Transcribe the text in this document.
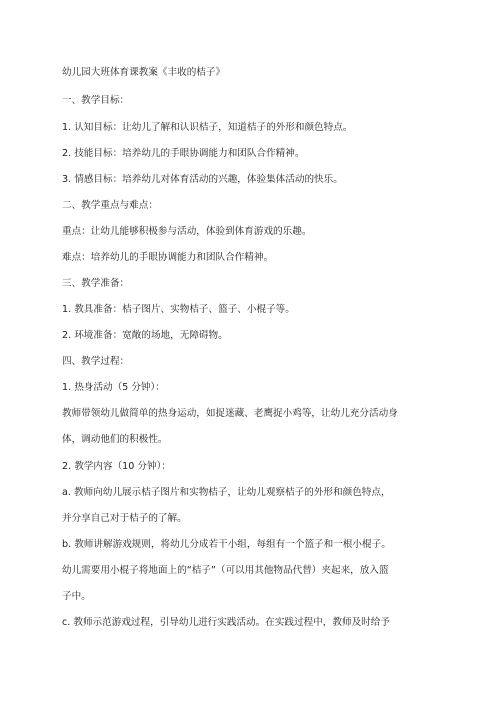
幼儿园大班体育课教案《丰收的桔子》
一、教学目标：
1. 认知目标：让幼儿了解和认识桔子，知道桔子的外形和颜色特点。
2. 技能目标：培养幼儿的手眼协调能力和团队合作精神。
3. 情感目标：培养幼儿对体育活动的兴趣，体验集体活动的快乐。
二、教学重点与难点：
重点：让幼儿能够积极参与活动，体验到体育游戏的乐趣。
难点：培养幼儿的手眼协调能力和团队合作精神。
三、教学准备：
1. 教具准备：桔子图片、实物桔子、篮子、小棍子等。
2. 环境准备：宽敞的场地，无障碍物。
四、教学过程：
1. 热身活动（5 分钟）：
教师带领幼儿做简单的热身运动，如捉迷藏、老鹰捉小鸡等，让幼儿充分活动身
体，调动他们的积极性。
2. 教学内容（10 分钟）：
a. 教师向幼儿展示桔子图片和实物桔子，让幼儿观察桔子的外形和颜色特点，
并分享自己对于桔子的了解。
b. 教师讲解游戏规则，将幼儿分成若干小组，每组有一个篮子和一根小棍子。
幼儿需要用小棍子将地面上的“桔子”（可以用其他物品代替）夹起来，放入篮
子中。
c. 教师示范游戏过程，引导幼儿进行实践活动。在实践过程中，教师及时给予
